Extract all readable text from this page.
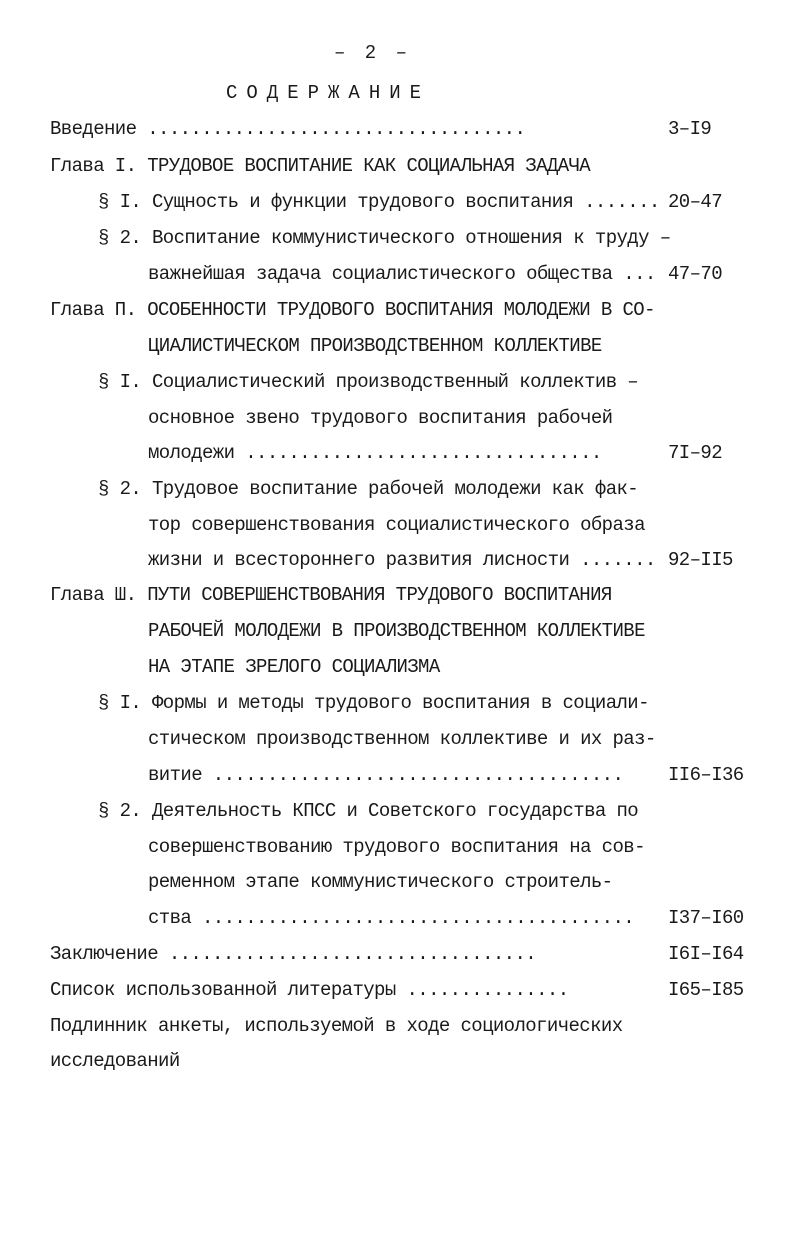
– 2 –
СОДЕРЖАНИЕ
Введение ...................................	3–I9
Глава I. ТРУДОВОЕ ВОСПИТАНИЕ КАК СОЦИАЛЬНАЯ ЗАДАЧА
§ I. Сущность и функции трудового воспитания ....... 20–47
§ 2. Воспитание коммунистического отношения к труду –
важнейшая задача социалистического общества ... 47–70
Глава П. ОСОБЕННОСТИ ТРУДОВОГО ВОСПИТАНИЯ МОЛОДЕЖИ В СО-
ЦИАЛИСТИЧЕСКОМ ПРОИЗВОДСТВЕННОМ КОЛЛЕКТИВЕ
§ I. Социалистический производственный коллектив –
основное звено трудового воспитания рабочей
молодежи .................................	7I–92
§ 2. Трудовое воспитание рабочей молодежи как фак-
тор совершенствования социалистического образа
жизни и всестороннего развития лисности ....... 92–II5
Глава Ш. ПУТИ СОВЕРШЕНСТВОВАНИЯ ТРУДОВОГО ВОСПИТАНИЯ
РАБОЧЕЙ МОЛОДЕЖИ В ПРОИЗВОДСТВЕННОМ КОЛЛЕКТИВЕ
НА ЭТАПЕ ЗРЕЛОГО СОЦИАЛИЗМА
§ I. Формы и методы трудового воспитания в социали-
стическом производственном коллективе и их раз-
витие ...................................... II6–I36
§ 2. Деятельность КПСС и Советского государства по
совершенствованию трудового воспитания на сов-
ременном этапе коммунистического строитель-
ства ........................................ I37–I60
Заключение ..................................	I6I–I64
Список использованной литературы ...............	I65–I85
Подлинник анкеты, используемой в ходе социологических
исследований
